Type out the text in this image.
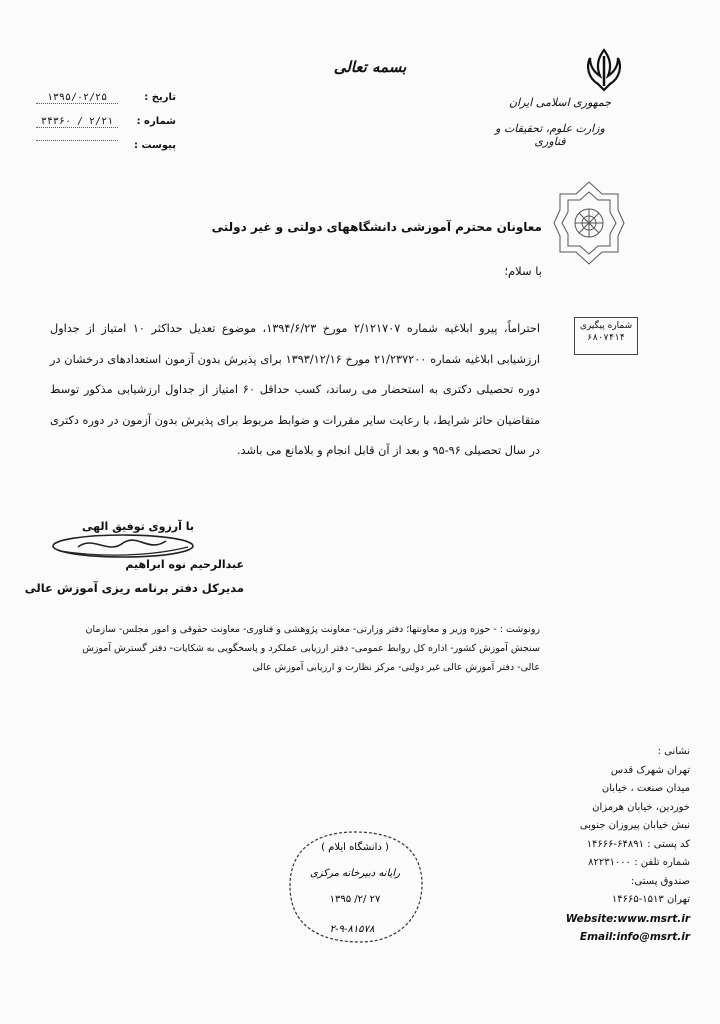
بسمه تعالی
جمهوری اسلامی ایران
وزارت علوم، تحقیقات و فناوری
تاریخ :
۱۳۹۵/۰۲/۲۵
شماره :
۲/۲۱ / ۳۴۳۶۰
پیوست :
شماره پیگیری
۶۸۰۷۴۱۴
معاونان محترم آموزشی دانشگاههای دولتی و غیر دولتی
با سلام؛
احتراماً، پیرو ابلاغیه شماره ۲/۱۲۱۷۰۷ مورخ ۱۳۹۴/۶/۲۳، موضوع تعدیل حداکثر ۱۰ امتیاز از جداول ارزشیابی ابلاغیه شماره ۲۱/۲۳۷۲۰۰ مورخ ۱۳۹۳/۱۲/۱۶ برای پذیرش بدون آزمون استعدادهای درخشان در دوره تحصیلی دکتری به استحضار می رساند، کسب حداقل ۶۰ امتیاز از جداول ارزشیابی مذکور توسط متقاضیان حائز شرایط، با رعایت سایر مقررات و ضوابط مربوط برای پذیرش بدون آزمون در دوره دکتری در سال تحصیلی ۹۶-۹۵ و بعد از آن قابل انجام و بلامانع می باشد.
با آرزوی توفیق الهی
عبدالرحیم نوه ابراهیم
مدیرکل دفتر برنامه ریزی آموزش عالی
رونوشت : - حوزه وزیر و معاونتها؛ دفتر وزارتی- معاونت پژوهشی و فناوری- معاونت حقوقی و امور مجلس- سازمان سنجش آموزش کشور- اداره کل روابط عمومی- دفتر ارزیابی عملکرد و پاسخگویی به شکایات- دفتر گسترش آموزش عالی- دفتر آموزش عالی غیر دولتی- مرکز نظارت و ارزیابی آموزش عالی
نشانی :
تهران شهرک قدس
میدان صنعت ، خیابان
خوردین، خیابان هرمزان
نبش خیابان پیروزان جنوبی
کد پستی : ۶۴۸۹۱-۱۴۶۶۶
شماره تلفن : ۸۲۲۳۱۰۰۰
صندوق پستی:
تهران ۱۵۱۳-۱۴۶۶۵
Website:www.msrt.ir
Email:info@msrt.ir
( دانشگاه ایلام )
رایانه دبیرخانه مرکزی
۱۳۹۵ /۲/ ۲۷
۲-۹-۸۱۵۷۸
